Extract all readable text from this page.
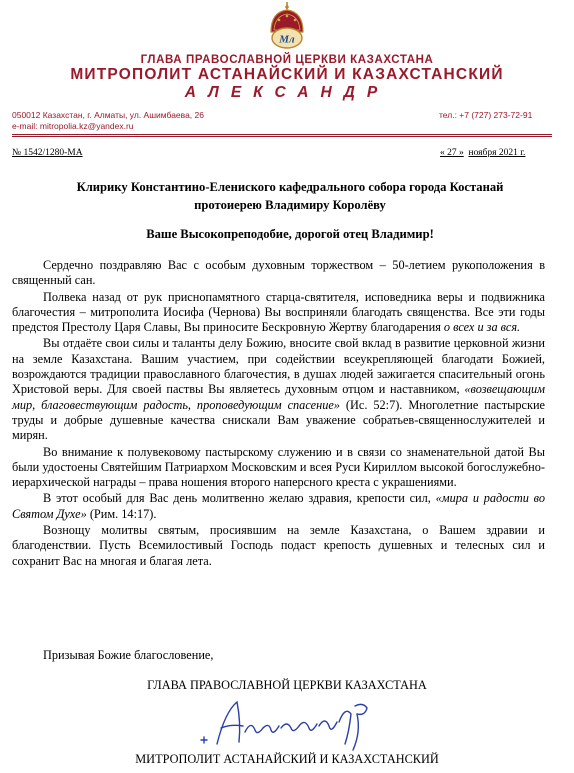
Мл
ГЛАВА ПРАВОСЛАВНОЙ ЦЕРКВИ КАЗАХСТАНА
МИТРОПОЛИТ АСТАНАЙСКИЙ И КАЗАХСТАНСКИЙ
АЛЕКСАНДР
050012 Казахстан, г. Алматы, ул. Ашимбаева, 26
e-mail: mitropolia.kz@yandex.ru
тел.: +7 (727) 273-72-91
№ 1542/1280-МА	« 27 » ноября 2021 г.
Клирику Константино-Елениского кафедрального собора города Костанай
протоиерею Владимиру Королёву
Ваше Высокопреподобие, дорогой отец Владимир!

Сердечно поздравляю Вас с особым духовным торжеством – 50-летием рукоположения в священный сан.

Полвека назад от рук приснопамятного старца-святителя, исповедника веры и подвижника благочестия – митрополита Иосифа (Чернова) Вы восприняли благодать священства. Все эти годы предстоя Престолу Царя Славы, Вы приносите Бескровную Жертву благодарения о всех и за вся.

Вы отдаёте свои силы и таланты делу Божию, вносите свой вклад в развитие церковной жизни на земле Казахстана. Вашим участием, при содействии всеукрепляющей благодати Божией, возрождаются традиции православного благочестия, в душах людей зажигается спасительный огонь Христовой веры. Для своей паствы Вы являетесь духовным отцом и наставником, «возвещающим мир, благовествующим радость, проповедующим спасение» (Ис. 52:7). Многолетние пастырские труды и добрые душевные качества снискали Вам уважение собратьев-священнослужителей и мирян.

Во внимание к полувековому пастырскому служению и в связи со знаменательной датой Вы были удостоены Святейшим Патриархом Московским и всея Руси Кириллом высокой богослужебно-иерархической награды – права ношения второго наперсного креста с украшениями.

В этот особый для Вас день молитвенно желаю здравия, крепости сил, «мира и радости во Святом Духе» (Рим. 14:17).

Вознощу молитвы святым, просиявшим на земле Казахстана, о Вашем здравии и благоденствии. Пусть Всемилостивый Господь подаст крепость душевных и телесных сил и сохранит Вас на многая и благая лета.

Призывая Божие благословение,
ГЛАВА ПРАВОСЛАВНОЙ ЦЕРКВИ КАЗАХСТАНА
МИТРОПОЛИТ АСТАНАЙСКИЙ И КАЗАХСТАНСКИЙ
